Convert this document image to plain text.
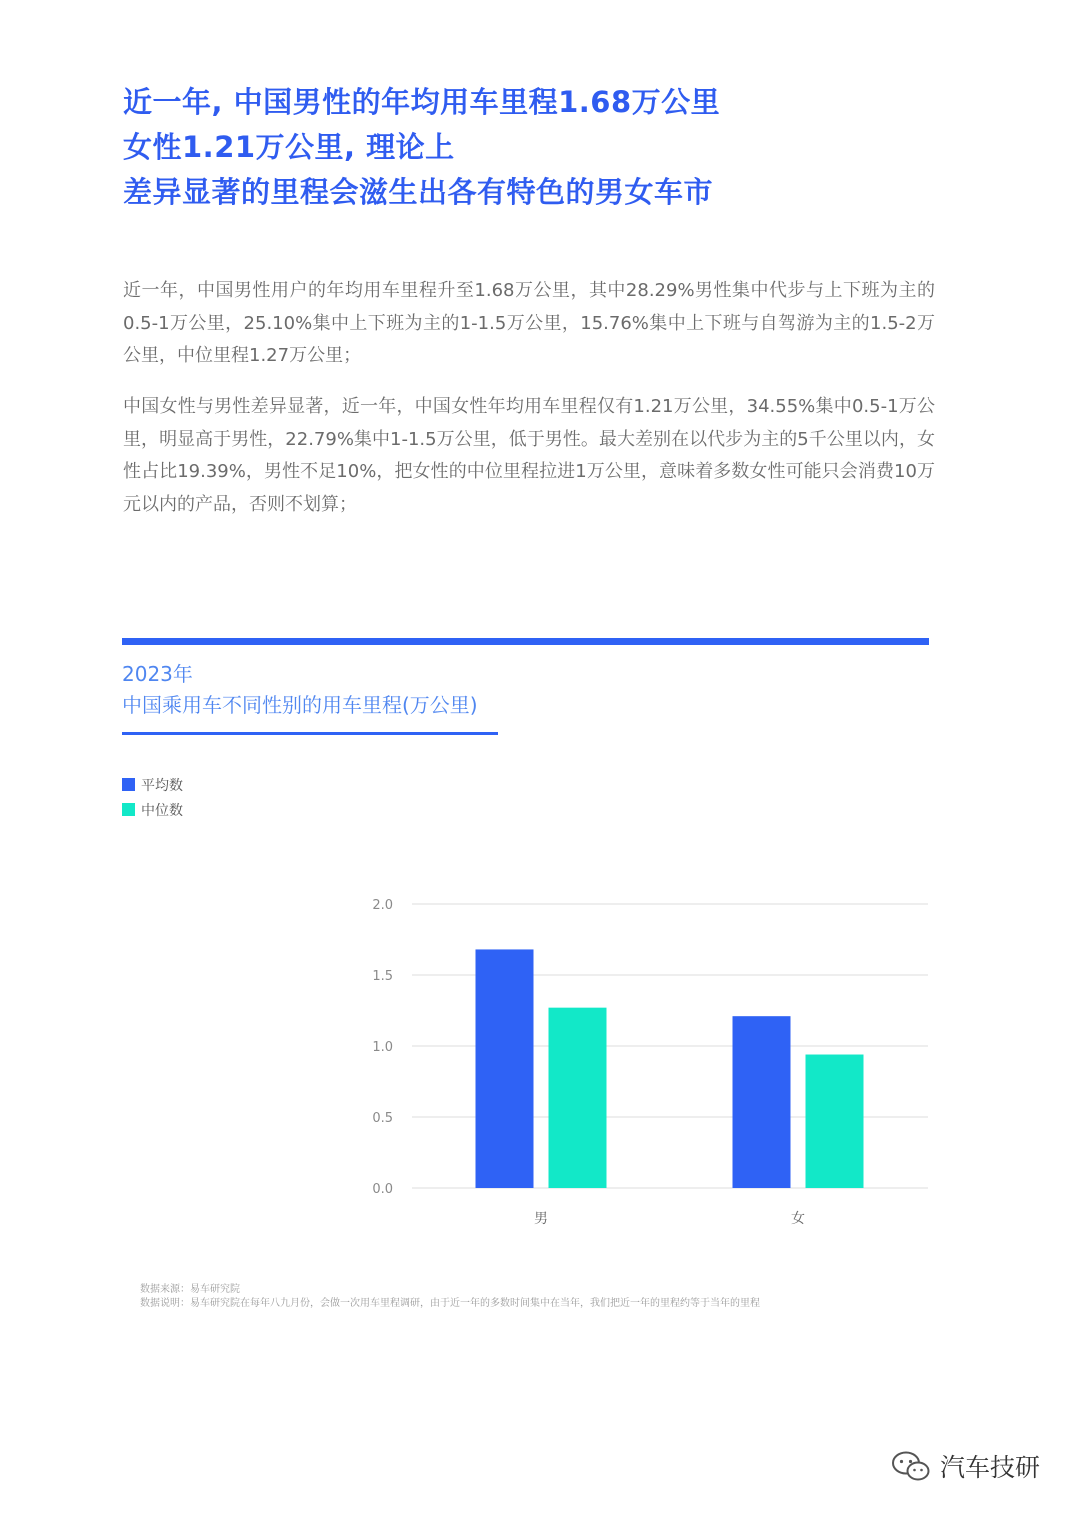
近一年, 中国男性的年均用车里程1.68万公里
女性1.21万公里, 理论上
差异显著的里程会滋生出各有特色的男女车市
近一年，中国男性用户的年均用车里程升至1.68万公里，其中28.29%男性集中代步与上下班为主的0.5-1万公里，25.10%集中上下班为主的1-1.5万公里，15.76%集中上下班与自驾游为主的1.5-2万公里，中位里程1.27万公里；
中国女性与男性差异显著，近一年，中国女性年均用车里程仅有1.21万公里，34.55%集中0.5-1万公里，明显高于男性，22.79%集中1-1.5万公里，低于男性。最大差别在以代步为主的5千公里以内，女性占比19.39%，男性不足10%，把女性的中位里程拉进1万公里，意味着多数女性可能只会消费10万元以内的产品，否则不划算；
2023年
中国乘用车不同性别的用车里程(万公里)
平均数
中位数
0.0
0.5
1.0
1.5
2.0
男	女
数据来源：易车研究院
数据说明：易车研究院在每年八九月份，会做一次用车里程调研，由于近一年的多数时间集中在当年，我们把近一年的里程约等于当年的里程
汽车技研
